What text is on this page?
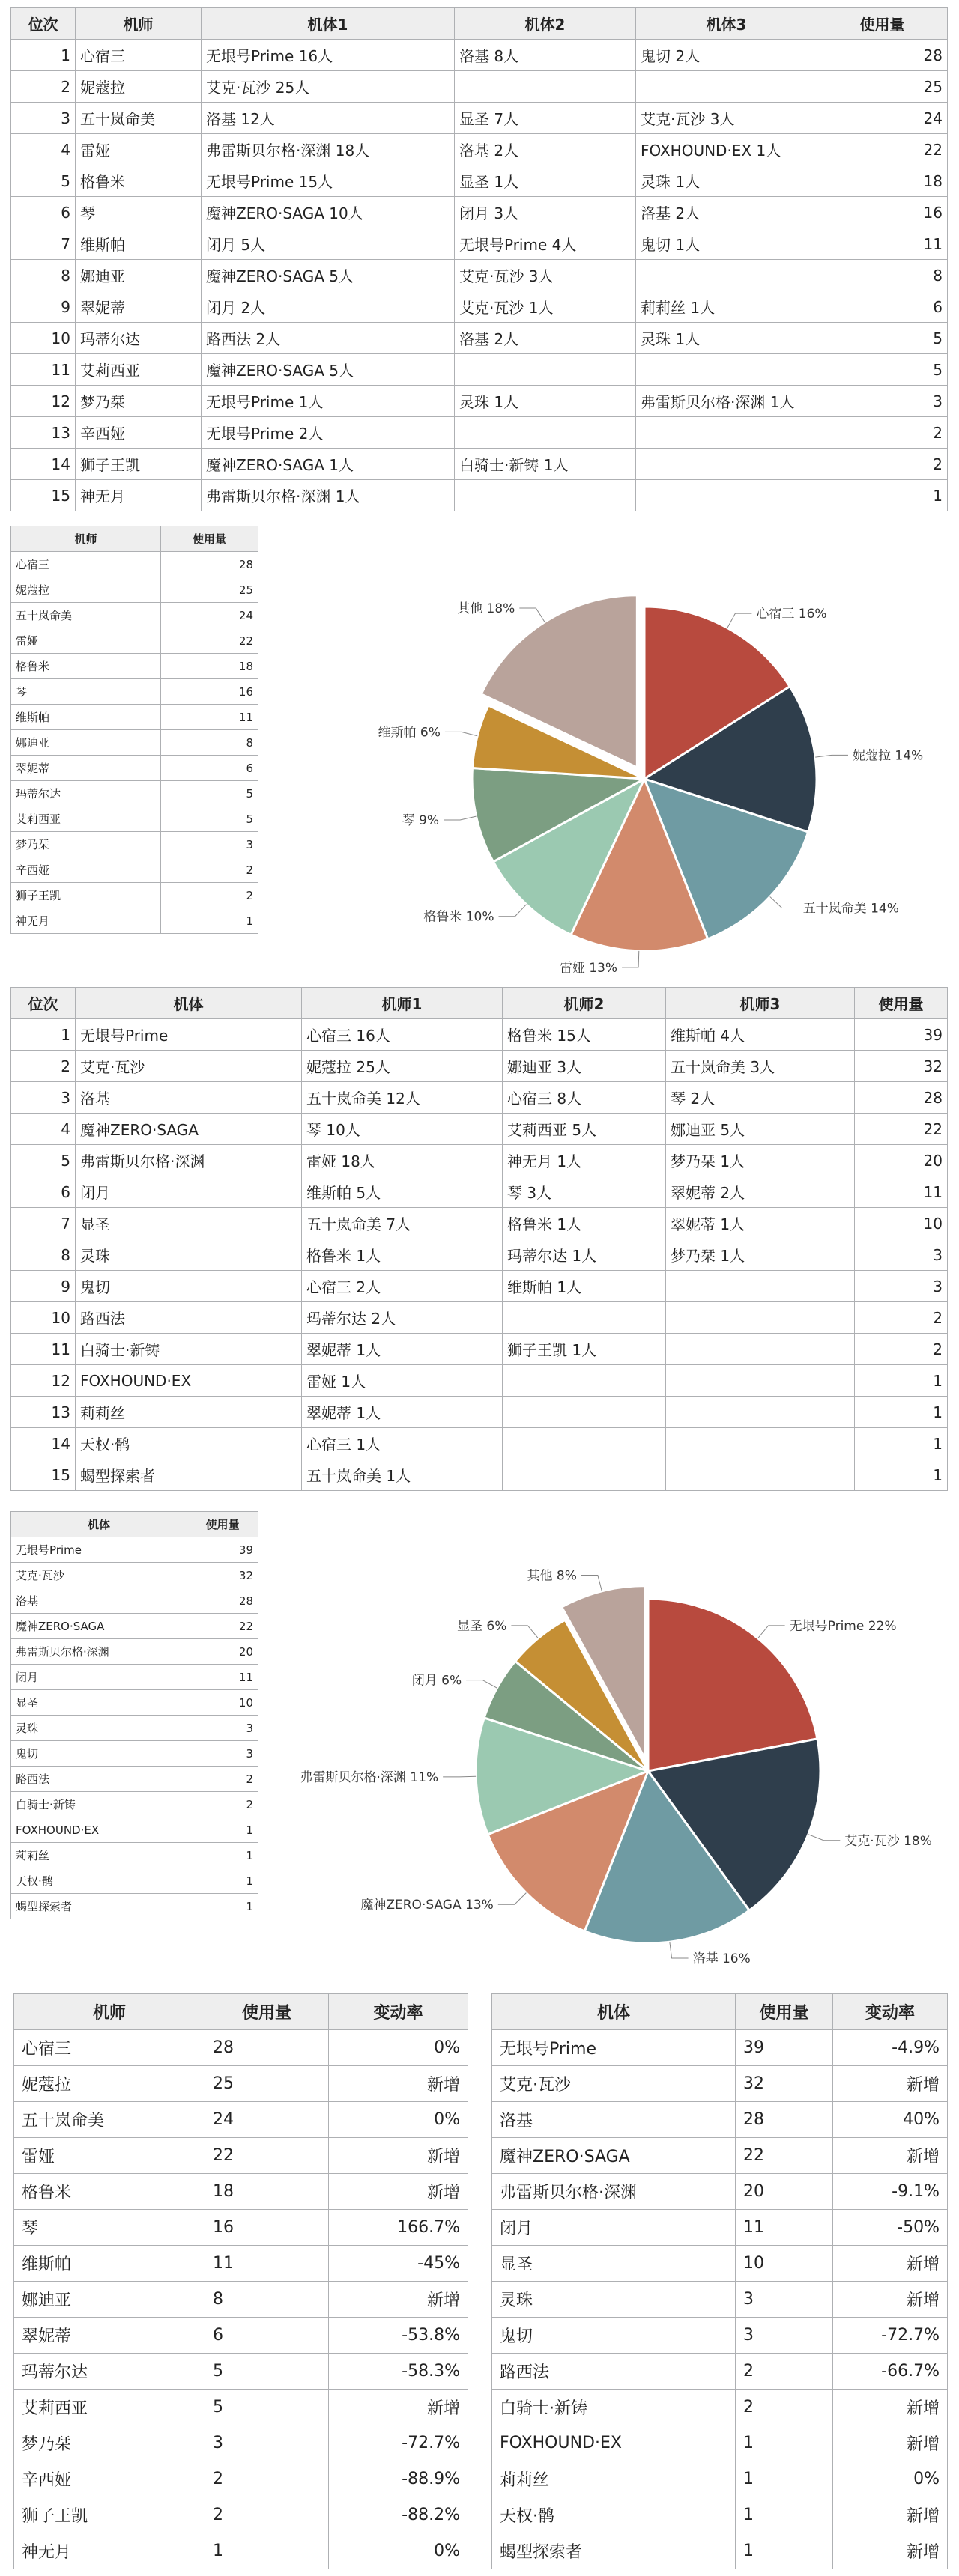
位次	机师	机体1	机体2	机体3	使用量
1	心宿三	无垠号Prime 16人	洛基 8人	鬼切 2人	28
2	妮蔻拉	艾克·瓦沙 25人			25
3	五十岚命美	洛基 12人	显圣 7人	艾克·瓦沙 3人	24
4	雷娅	弗雷斯贝尔格·深渊 18人	洛基 2人	FOXHOUND·EX 1人	22
5	格鲁米	无垠号Prime 15人	显圣 1人	灵珠 1人	18
6	琴	魔神ZERO·SAGA 10人	闭月 3人	洛基 2人	16
7	维斯帕	闭月 5人	无垠号Prime 4人	鬼切 1人	11
8	娜迪亚	魔神ZERO·SAGA 5人	艾克·瓦沙 3人		8
9	翠妮蒂	闭月 2人	艾克·瓦沙 1人	莉莉丝 1人	6
10	玛蒂尔达	路西法 2人	洛基 2人	灵珠 1人	5
11	艾莉西亚	魔神ZERO·SAGA 5人			5
12	梦乃栞	无垠号Prime 1人	灵珠 1人	弗雷斯贝尔格·深渊 1人	3
13	辛西娅	无垠号Prime 2人			2
14	狮子王凯	魔神ZERO·SAGA 1人	白骑士·新铸 1人		2
15	神无月	弗雷斯贝尔格·深渊 1人			1
机师	使用量
心宿三	28
妮蔻拉	25
五十岚命美	24
雷娅	22
格鲁米	18
琴	16
维斯帕	11
娜迪亚	8
翠妮蒂	6
玛蒂尔达	5
艾莉西亚	5
梦乃栞	3
辛西娅	2
狮子王凯	2
神无月	1
心宿三 16%
妮蔻拉 14%
五十岚命美 14%
雷娅 13%
格鲁米 10%
琴 9%
维斯帕 6%
其他 18%
位次	机体	机师1	机师2	机师3	使用量
1	无垠号Prime	心宿三 16人	格鲁米 15人	维斯帕 4人	39
2	艾克·瓦沙	妮蔻拉 25人	娜迪亚 3人	五十岚命美 3人	32
3	洛基	五十岚命美 12人	心宿三 8人	琴 2人	28
4	魔神ZERO·SAGA	琴 10人	艾莉西亚 5人	娜迪亚 5人	22
5	弗雷斯贝尔格·深渊	雷娅 18人	神无月 1人	梦乃栞 1人	20
6	闭月	维斯帕 5人	琴 3人	翠妮蒂 2人	11
7	显圣	五十岚命美 7人	格鲁米 1人	翠妮蒂 1人	10
8	灵珠	格鲁米 1人	玛蒂尔达 1人	梦乃栞 1人	3
9	鬼切	心宿三 2人	维斯帕 1人		3
10	路西法	玛蒂尔达 2人			2
11	白骑士·新铸	翠妮蒂 1人	狮子王凯 1人		2
12	FOXHOUND·EX	雷娅 1人			1
13	莉莉丝	翠妮蒂 1人			1
14	天权·鹘	心宿三 1人			1
15	蝎型探索者	五十岚命美 1人			1
机体	使用量
无垠号Prime	39
艾克·瓦沙	32
洛基	28
魔神ZERO·SAGA	22
弗雷斯贝尔格·深渊	20
闭月	11
显圣	10
灵珠	3
鬼切	3
路西法	2
白骑士·新铸	2
FOXHOUND·EX	1
莉莉丝	1
天权·鹘	1
蝎型探索者	1
无垠号Prime 22%
艾克·瓦沙 18%
洛基 16%
魔神ZERO·SAGA 13%
弗雷斯贝尔格·深渊 11%
闭月 6%
显圣 6%
其他 8%
机师	使用量	变动率
心宿三	28	0%
妮蔻拉	25	新增
五十岚命美	24	0%
雷娅	22	新增
格鲁米	18	新增
琴	16	166.7%
维斯帕	11	-45%
娜迪亚	8	新增
翠妮蒂	6	-53.8%
玛蒂尔达	5	-58.3%
艾莉西亚	5	新增
梦乃栞	3	-72.7%
辛西娅	2	-88.9%
狮子王凯	2	-88.2%
神无月	1	0%
机体	使用量	变动率
无垠号Prime	39	-4.9%
艾克·瓦沙	32	新增
洛基	28	40%
魔神ZERO·SAGA	22	新增
弗雷斯贝尔格·深渊	20	-9.1%
闭月	11	-50%
显圣	10	新增
灵珠	3	新增
鬼切	3	-72.7%
路西法	2	-66.7%
白骑士·新铸	2	新增
FOXHOUND·EX	1	新增
莉莉丝	1	0%
天权·鹘	1	新增
蝎型探索者	1	新增
